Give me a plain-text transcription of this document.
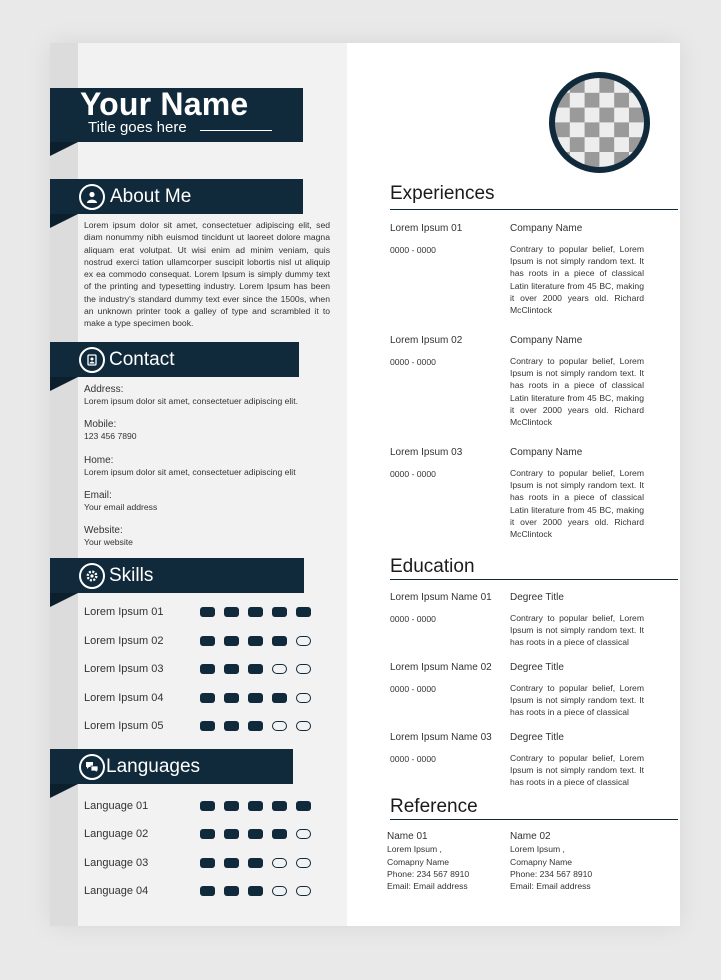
Your Name
Title goes here
About Me
Lorem ipsum dolor sit amet, consectetuer adipiscing elit, sed diam nonummy nibh euismod tincidunt ut laoreet dolore magna aliquam erat volutpat. Ut wisi enim ad minim veniam, quis nostrud exerci tation ullamcorper suscipit lobortis nisl ut aliquip ex ea commodo consequat. Lorem Ipsum is simply dummy text of the printing and typesetting industry. Lorem Ipsum has been the industry's standard dummy text ever since the 1500s, when an unknown printer took a galley of type and scrambled it to make a type specimen book.
Contact
Address:
Lorem ipsum dolor sit amet, consectetuer adipiscing elit.
Mobile:
123 456 7890
Home:
Lorem ipsum dolor sit amet, consectetuer adipiscing elit
Email:
Your email address
Website:
Your website
Skills
Lorem Ipsum 01
Lorem Ipsum 02
Lorem Ipsum 03
Lorem Ipsum 04
Lorem Ipsum 05
Languages
Language 01
Language 02
Language 03
Language 04
Experiences
Lorem Ipsum 01
0000 - 0000
Company Name
Contrary to popular belief, Lorem Ipsum is not simply random text. It has roots in a piece of classical Latin literature from 45 BC, making it over 2000 years old. Richard McClintock
Lorem Ipsum 02
0000 - 0000
Company Name
Contrary to popular belief, Lorem Ipsum is not simply random text. It has roots in a piece of classical Latin literature from 45 BC, making it over 2000 years old. Richard McClintock
Lorem Ipsum 03
0000 - 0000
Company Name
Contrary to popular belief, Lorem Ipsum is not simply random text. It has roots in a piece of classical Latin literature from 45 BC, making it over 2000 years old. Richard McClintock
Education
Lorem Ipsum Name 01
0000 - 0000
Degree Title
Contrary to popular belief, Lorem Ipsum is not simply random text. It has roots in a piece of classical
Lorem Ipsum Name 02
0000 - 0000
Degree Title
Contrary to popular belief, Lorem Ipsum is not simply random text. It has roots in a piece of classical
Lorem Ipsum Name 03
0000 - 0000
Degree Title
Contrary to popular belief, Lorem Ipsum is not simply random text. It has roots in a piece of classical
Reference
Name 01
Lorem Ipsum ,
Comapny Name
Phone: 234 567 8910
Email: Email address
Name 02
Lorem Ipsum ,
Comapny Name
Phone: 234 567 8910
Email: Email address
